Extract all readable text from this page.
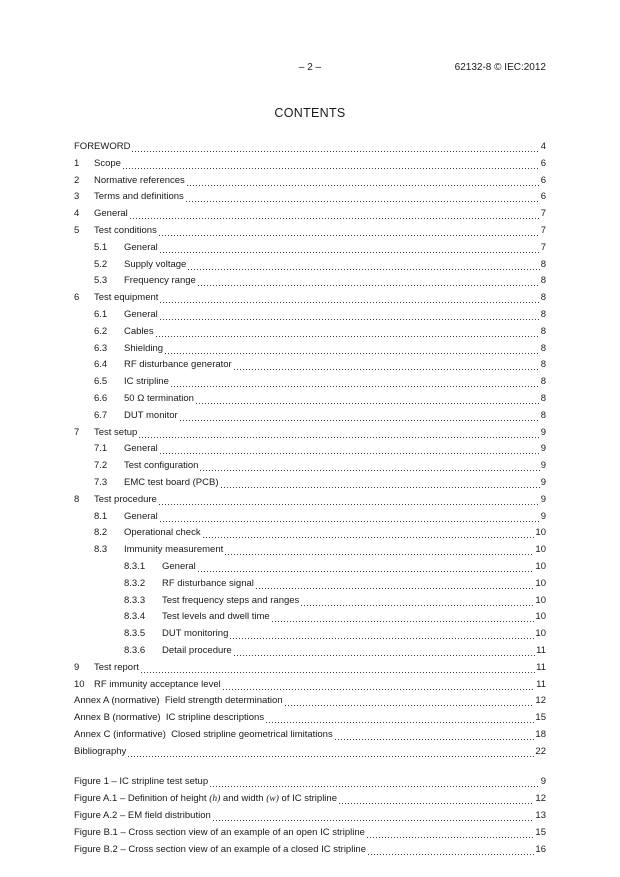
– 2 –	62132-8 © IEC:2012
CONTENTS
FOREWORD	4
1	Scope	6
2	Normative references	6
3	Terms and definitions	6
4	General	7
5	Test conditions	7
5.1	General	7
5.2	Supply voltage	8
5.3	Frequency range	8
6	Test equipment	8
6.1	General	8
6.2	Cables	8
6.3	Shielding	8
6.4	RF disturbance generator	8
6.5	IC stripline	8
6.6	50 Ω termination	8
6.7	DUT monitor	8
7	Test setup	9
7.1	General	9
7.2	Test configuration	9
7.3	EMC test board (PCB)	9
8	Test procedure	9
8.1	General	9
8.2	Operational check	10
8.3	Immunity measurement	10
8.3.1	General	10
8.3.2	RF disturbance signal	10
8.3.3	Test frequency steps and ranges	10
8.3.4	Test levels and dwell time	10
8.3.5	DUT monitoring	10
8.3.6	Detail procedure	11
9	Test report	11
10 RF immunity acceptance level	11
Annex A (normative)  Field strength determination	12
Annex B (normative)  IC stripline descriptions	15
Annex C (informative)  Closed stripline geometrical limitations	18
Bibliography	22
Figure 1 – IC stripline test setup	9
Figure A.1 – Definition of height (h) and width (w) of IC stripline	12
Figure A.2 – EM field distribution	13
Figure B.1 – Cross section view of an example of an open IC stripline	15
Figure B.2 – Cross section view of an example of a closed IC stripline	16
